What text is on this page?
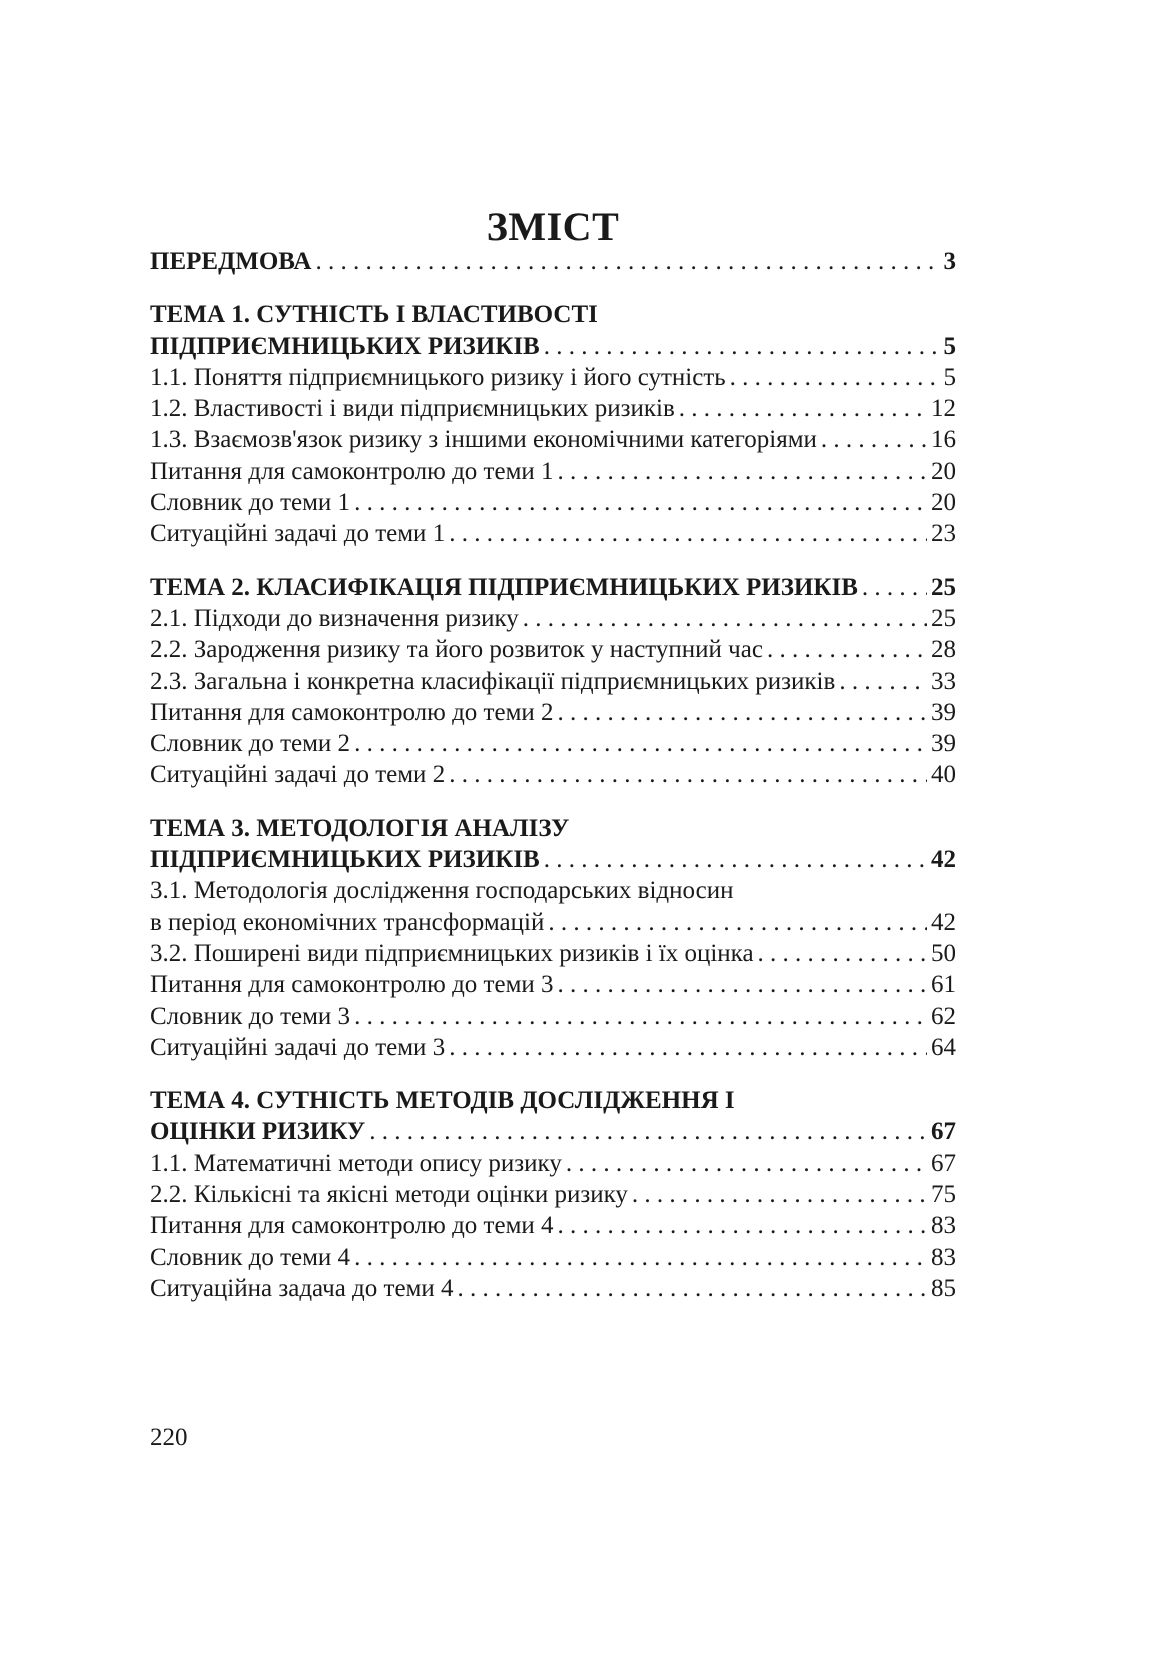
ЗМІСТ
ПЕРЕДМОВА . . .	3
ТЕМА 1. СУТНІСТЬ І ВЛАСТИВОСТІ
ПІДПРИЄМНИЦЬКИХ РИЗИКІВ . . .	5
1.1. Поняття підприємницького ризику і його сутність . . .	5
1.2. Властивості і види підприємницьких ризиків . . .	12
1.3. Взаємозв'язок ризику з іншими економічними категоріями . . .	16
Питання для самоконтролю до теми 1 . . .	20
Словник до теми 1 . . .	20
Ситуаційні задачі до теми 1 . . .	23
ТЕМА 2. КЛАСИФІКАЦІЯ ПІДПРИЄМНИЦЬКИХ РИЗИКІВ . . .	25
2.1. Підходи до визначення ризику . . .	25
2.2. Зародження ризику та його розвиток у наступний час . . .	28
2.3. Загальна і конкретна класифікації підприємницьких ризиків . . .	33
Питання для самоконтролю до теми 2 . . .	39
Словник до теми 2 . . .	39
Ситуаційні задачі до теми 2 . . .	40
ТЕМА 3. МЕТОДОЛОГІЯ АНАЛІЗУ
ПІДПРИЄМНИЦЬКИХ РИЗИКІВ . . .	42
3.1. Методологія дослідження господарських відносин
в період економічних трансформацій . . .	42
3.2. Поширені види підприємницьких ризиків і їх оцінка . . .	50
Питання для самоконтролю до теми 3 . . .	61
Словник до теми 3 . . .	62
Ситуаційні задачі до теми 3 . . .	64
ТЕМА 4. СУТНІСТЬ МЕТОДІВ ДОСЛІДЖЕННЯ І
ОЦІНКИ РИЗИКУ . . .	67
1.1. Математичні методи опису ризику . . .	67
2.2. Кількісні та якісні методи оцінки ризику . . .	75
Питання для самоконтролю до теми 4 . . .	83
Словник до теми 4 . . .	83
Ситуаційна задача до теми 4 . . .	85
220
